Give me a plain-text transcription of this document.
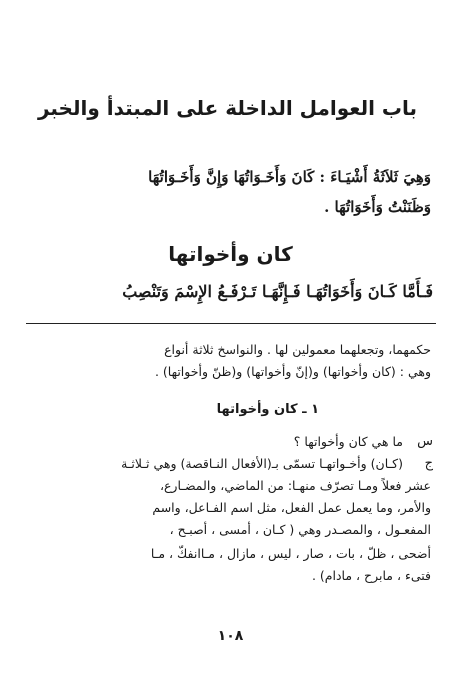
باب العوامل الداخلة على المبتدأ والخبر
وَهِيَ ثَلاَثَةُ أَشْيَـاءَ : كَانَ وَأَخَـوَاتُهَا وَإِنَّ وَأَخَـوَاتُهَا
وَظَنَنْتُ وَأَخَوَاتُهَا .
كان وأخواتها
فَـأَمَّا كَـانَ وَأَخَوَاتُهَـا فَـإِنَّهَـا تَـرْفَـعُ الإِسْمَ وَتَنْصِبُ
حكمهما، وتجعلهما معمولين لها . والنواسخ ثلاثة أنواع
وهي : (كان وأخواتها) و(إنّ وأخواتها) و(ظنّ وأخواتها) .
١ ـ كان وأخواتها
س
ما هي كان وأخواتها ؟
ج
(كـان) وأخـواتهـا تسمّى بـ(الأفعال النـاقصة) وهي ثـلاثـة
عشر فعلاً ومـا تصرّف منهـا: من الماضي، والمضـارع،
والأمر، وما يعمل عمل الفعل، مثل اسم الفـاعل، واسم
المفعـول ، والمصـدر وهي ( كـان ، أمسى ، أصبـح ،
أضحى ، ظلّ ، بات ، صار ، ليس ، مازال ، مـاانفكّ ، مـا
فتىء ، مابرح ، مادام) .
١٠٨
